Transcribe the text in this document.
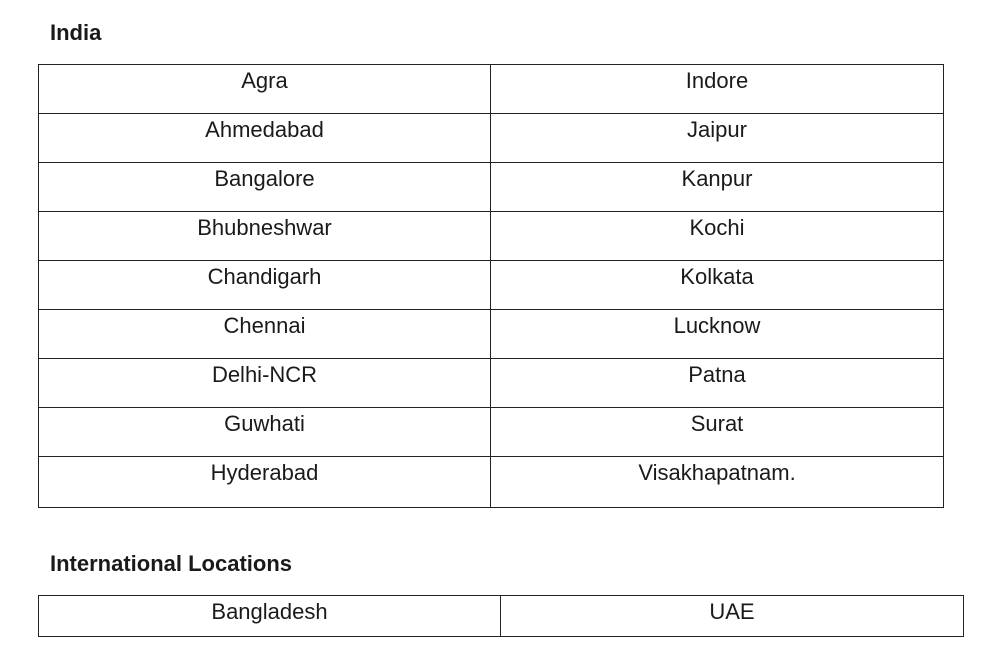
India
Agra	Indore
Ahmedabad	Jaipur
Bangalore	Kanpur
Bhubneshwar	Kochi
Chandigarh	Kolkata
Chennai	Lucknow
Delhi-NCR	Patna
Guwhati	Surat
Hyderabad	Visakhapatnam.
International Locations
Bangladesh	UAE
